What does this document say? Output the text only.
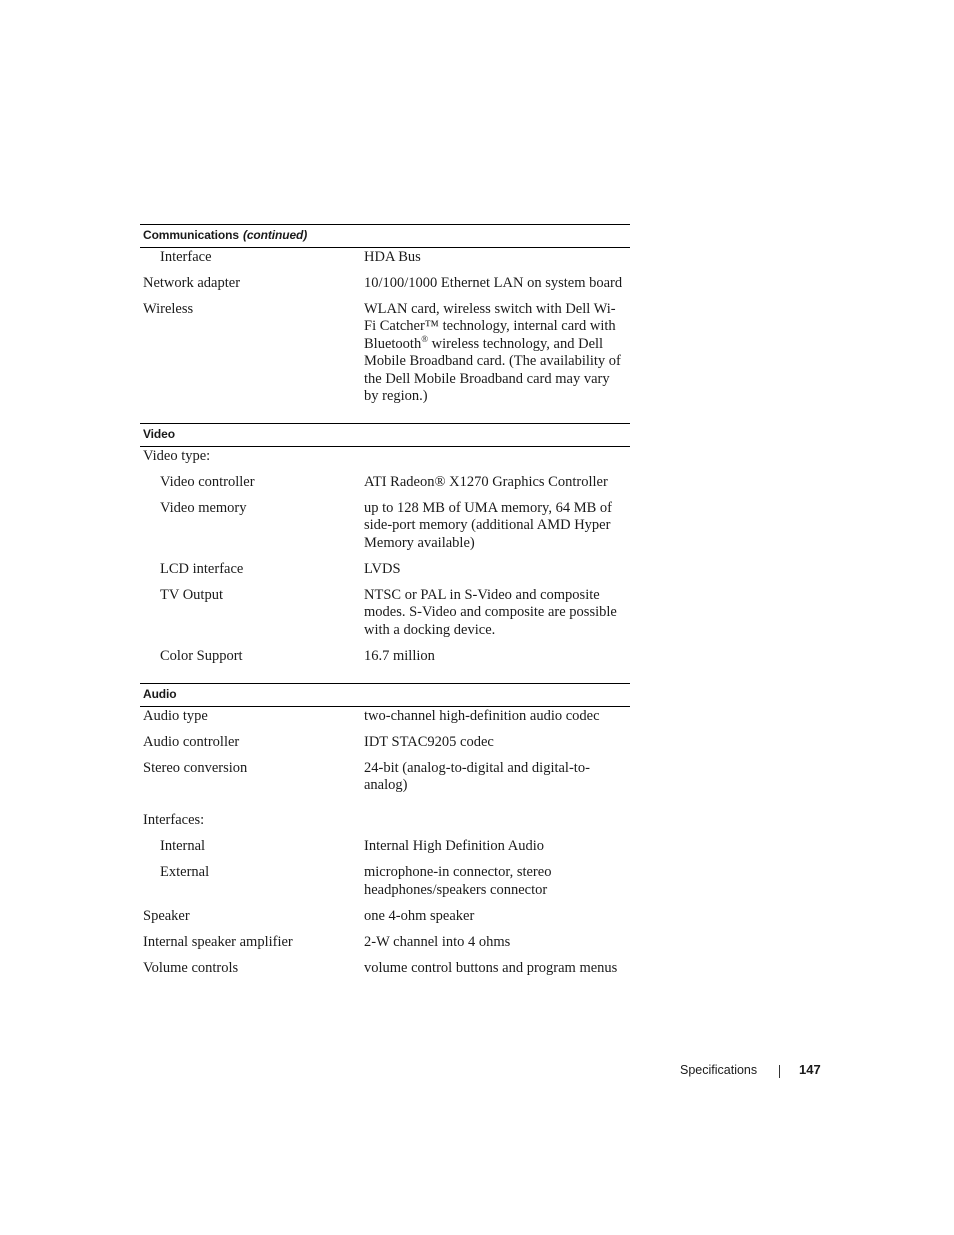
Communications (continued)
Interface	HDA Bus
Network adapter	10/100/1000 Ethernet LAN on system board
Wireless	WLAN card, wireless switch with Dell Wi-Fi Catcher™ technology, internal card with Bluetooth® wireless technology, and Dell Mobile Broadband card. (The availability of the Dell Mobile Broadband card may vary by region.)
Video
Video type:
Video controller	ATI Radeon® X1270 Graphics Controller
Video memory	up to 128 MB of UMA memory, 64 MB of side-port memory (additional AMD Hyper Memory available)
LCD interface	LVDS
TV Output	NTSC or PAL in S-Video and composite modes. S-Video and composite are possible with a docking device.
Color Support	16.7 million
Audio
Audio type	two-channel high-definition audio codec
Audio controller	IDT STAC9205 codec
Stereo conversion	24-bit (analog-to-digital and digital-to-analog)
Interfaces:
Internal	Internal High Definition Audio
External	microphone-in connector, stereo headphones/speakers connector
Speaker	one 4-ohm speaker
Internal speaker amplifier	2-W channel into 4 ohms
Volume controls	volume control buttons and program menus
Specifications	147
